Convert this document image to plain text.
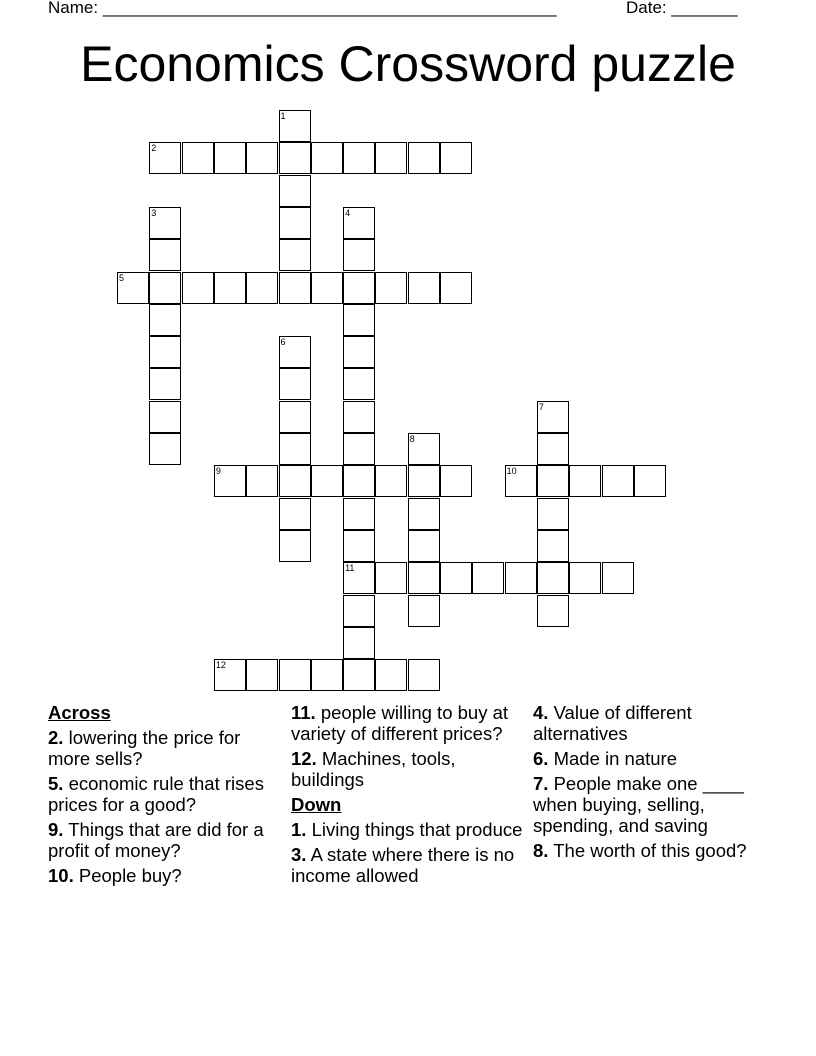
Name: ________________________________________________	Date: _______
Economics Crossword puzzle
1
2
3	4
11
5
6
7
8
9	10
12
Across
2. lowering the price for more sells?
5. economic rule that rises prices for a good?
9. Things that are did for a profit of money?
10. People buy?
11. people willing to buy at variety of different prices?
12. Machines, tools, buildings
Down
1. Living things that produce
3. A state where there is no income allowed
4. Value of different alternatives
6. Made in nature
7. People make one ____ when buying, selling, spending, and saving
8. The worth of this good?
